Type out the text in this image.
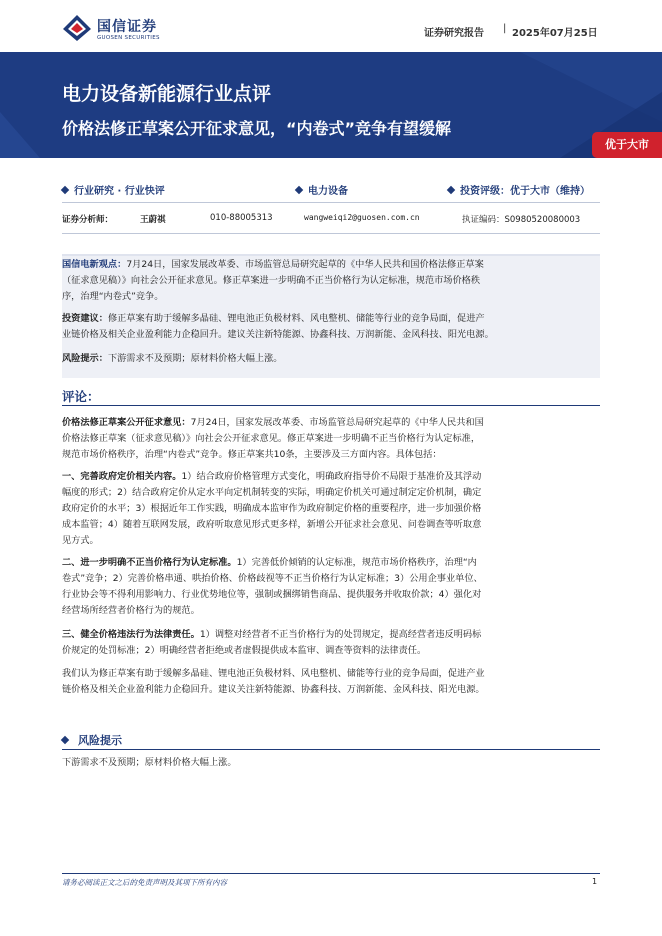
国信证券
GUOSEN SECURITIES	证券研究报告 | 2025年07月25日
电力设备新能源行业点评
价格法修正草案公开征求意见，“内卷式”竞争有望缓解
优于大市
行业研究 · 行业快评	电力设备	投资评级：优于大市（维持）
证券分析师：	王蔚祺	010-88005313	wangweiqi2@guosen.com.cn	执证编码：S0980520080003
国信电新观点：7月24日，国家发展改革委、市场监管总局研究起草的《中华人民共和国价格法修正草案
（征求意见稿）》向社会公开征求意见。修正草案进一步明确不正当价格行为认定标准，规范市场价格秩
序，治理“内卷式”竞争。
投资建议：修正草案有助于缓解多晶硅、锂电池正负极材料、风电整机、储能等行业的竞争局面，促进产
业链价格及相关企业盈利能力企稳回升。建议关注新特能源、协鑫科技、万润新能、金风科技、阳光电源。
风险提示：下游需求不及预期；原材料价格大幅上涨。
评论：
价格法修正草案公开征求意见：7月24日，国家发展改革委、市场监管总局研究起草的《中华人民共和国
价格法修正草案（征求意见稿）》向社会公开征求意见。修正草案进一步明确不正当价格行为认定标准，
规范市场价格秩序，治理“内卷式”竞争。修正草案共10条，主要涉及三方面内容。具体包括：
一、完善政府定价相关内容。1）结合政府价格管理方式变化，明确政府指导价不局限于基准价及其浮动
幅度的形式；2）结合政府定价从定水平向定机制转变的实际，明确定价机关可通过制定定价机制，确定
政府定价的水平；3）根据近年工作实践，明确成本监审作为政府制定价格的重要程序，进一步加强价格
成本监管；4）随着互联网发展，政府听取意见形式更多样，新增公开征求社会意见、问卷调查等听取意
见方式。
二、进一步明确不正当价格行为认定标准。1）完善低价倾销的认定标准，规范市场价格秩序，治理“内
卷式”竞争；2）完善价格串通、哄抬价格、价格歧视等不正当价格行为认定标准；3）公用企事业单位、
行业协会等不得利用影响力、行业优势地位等，强制或捆绑销售商品、提供服务并收取价款；4）强化对
经营场所经营者价格行为的规范。
三、健全价格违法行为法律责任。1）调整对经营者不正当价格行为的处罚规定，提高经营者违反明码标
价规定的处罚标准；2）明确经营者拒绝或者虚假提供成本监审、调查等资料的法律责任。
我们认为修正草案有助于缓解多晶硅、锂电池正负极材料、风电整机、储能等行业的竞争局面，促进产业
链价格及相关企业盈利能力企稳回升。建议关注新特能源、协鑫科技、万润新能、金风科技、阳光电源。
风险提示
下游需求不及预期；原材料价格大幅上涨。
请务必阅读正文之后的免责声明及其项下所有内容	1
